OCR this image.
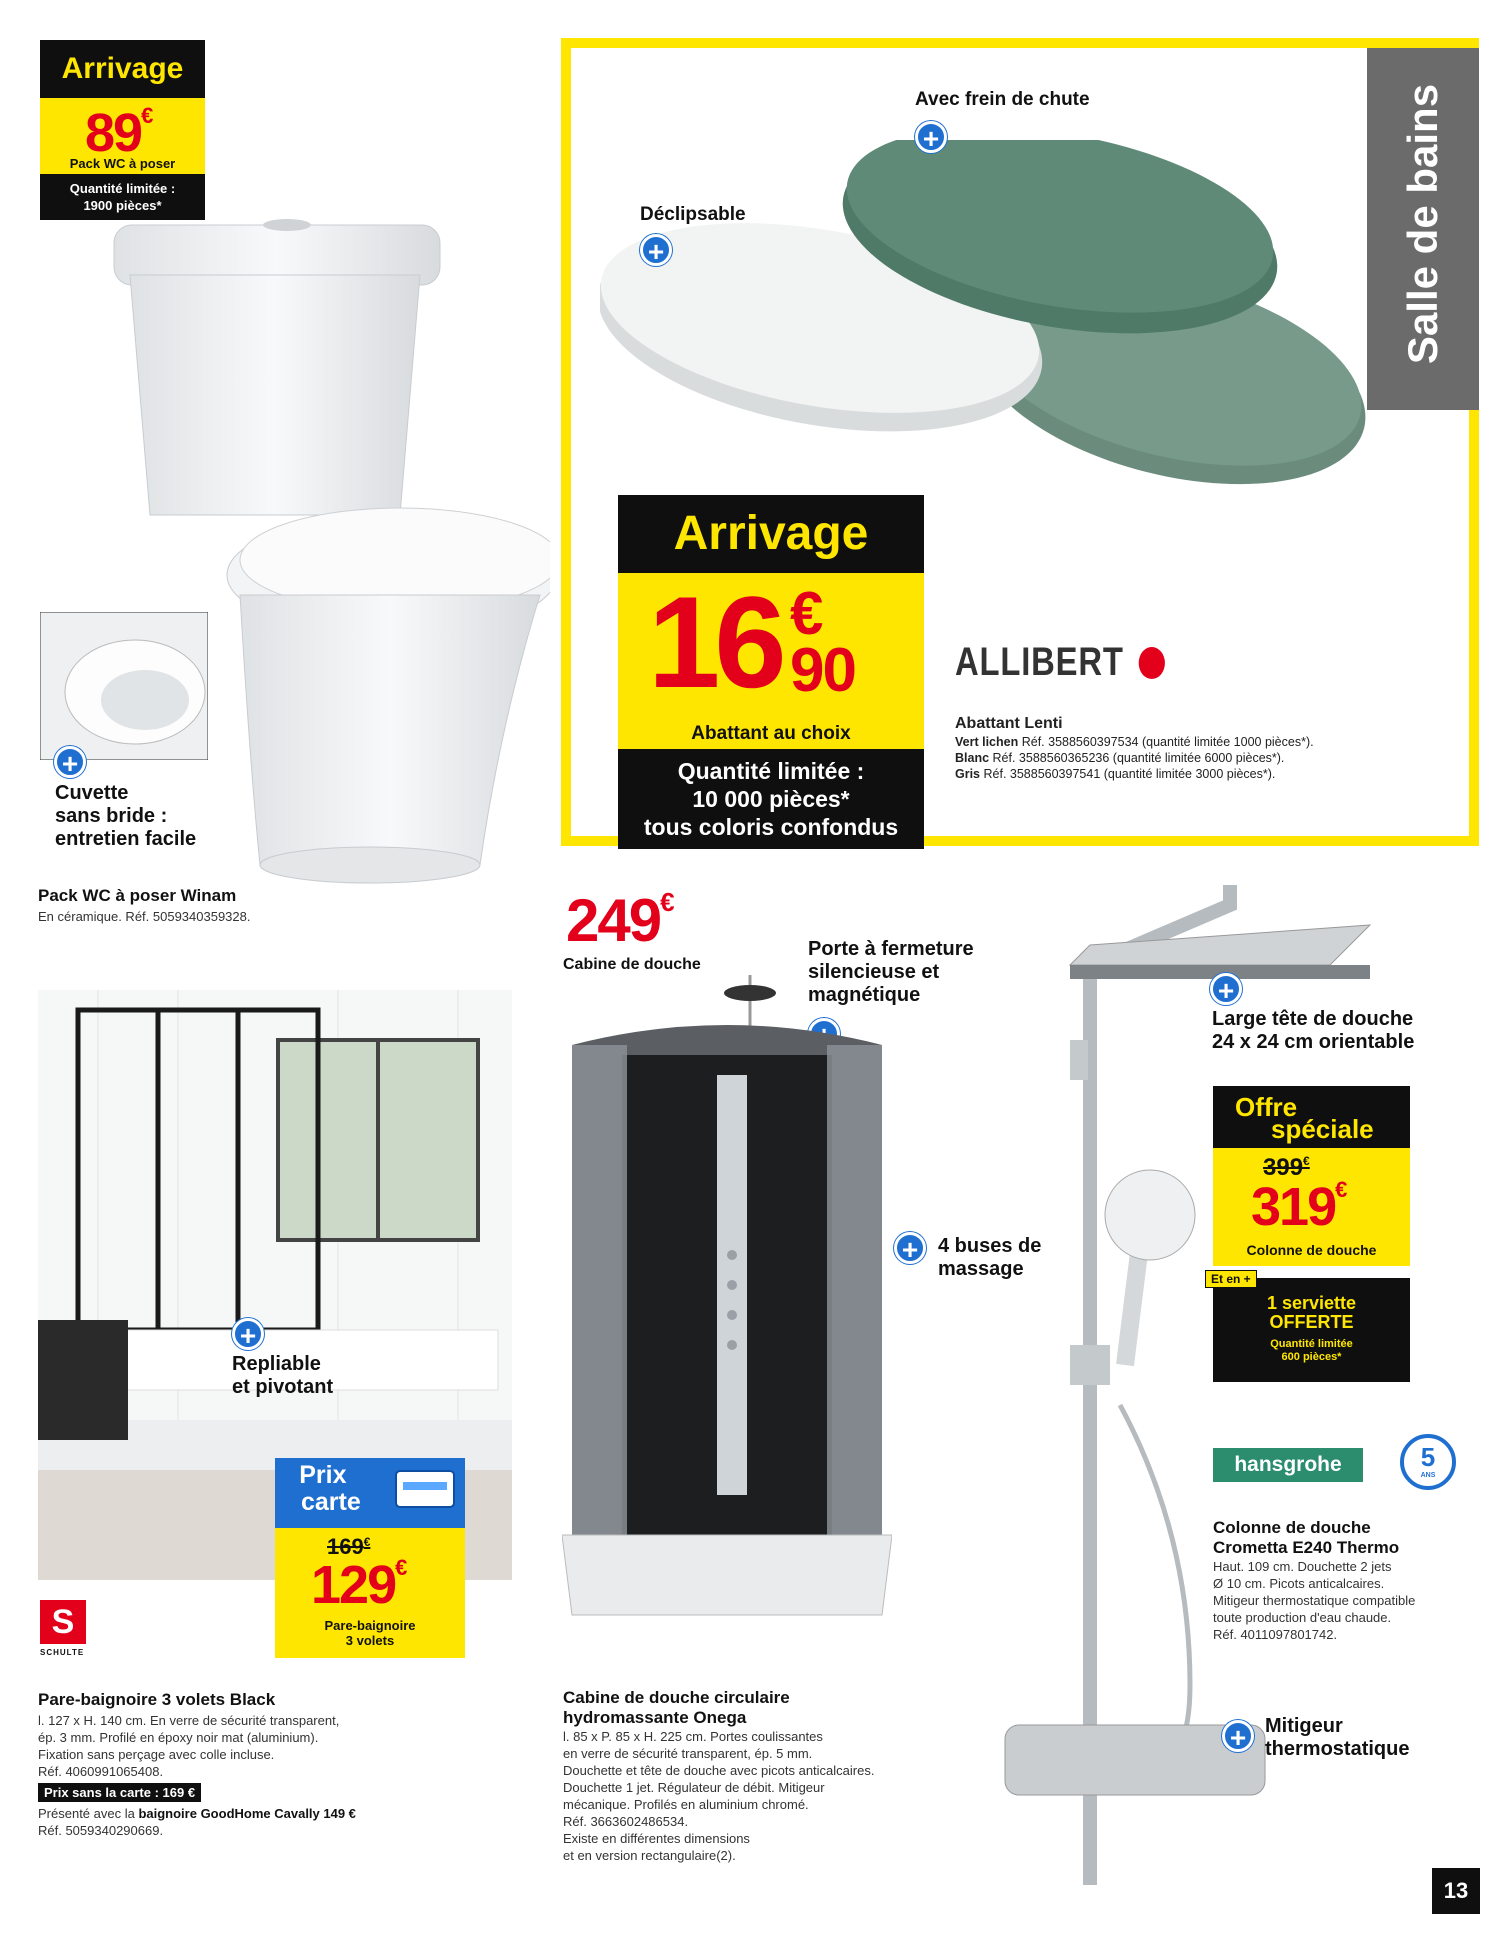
Salle de bains
Arrivage
89€
Pack WC à poser
Quantité limitée :
1900 pièces*
+
Cuvette
sans bride :
entretien facile
Pack WC à poser Winam
En céramique. Réf. 5059340359328.
Avec frein de chute
+
Déclipsable
+
Arrivage
16 €
90
Abattant au choix
Quantité limitée :
10 000 pièces*
tous coloris confondus
ALLIBERT
Abattant Lenti
Vert lichen Réf. 3588560397534 (quantité limitée 1000 pièces*).
Blanc Réf. 3588560365236 (quantité limitée 6000 pièces*).
Gris Réf. 3588560397541 (quantité limitée 3000 pièces*).
+
Repliable
et pivotant
Prix
carte
169€
129€
Pare-baignoire
3 volets
S
SCHULTE
Pare-baignoire 3 volets Black
l. 127 x H. 140 cm. En verre de sécurité transparent,
ép. 3 mm. Profilé en époxy noir mat (aluminium).
Fixation sans perçage avec colle incluse.
Réf. 4060991065408.
Prix sans la carte : 169 €
Présenté avec la baignoire GoodHome Cavally 149 €
Réf. 5059340290669.
249€
Cabine de douche
Porte à fermeture
silencieuse et
magnétique
+ 4 buses de
massage
Cabine de douche circulaire
hydromassante Onega
l. 85 x P. 85 x H. 225 cm. Portes coulissantes
en verre de sécurité transparent, ép. 5 mm.
Douchette et tête de douche avec picots anticalcaires.
Douchette 1 jet. Régulateur de débit. Mitigeur
mécanique. Profilés en aluminium chromé.
Réf. 3663602486534.
Existe en différentes dimensions
et en version rectangulaire(2).
+
Large tête de douche
24 x 24 cm orientable
Offre
spéciale
399€
319€
Colonne de douche
1 serviette
OFFERTE
Quantité limitée
600 pièces*
Et en +
hansgrohe	5
ANS
Colonne de douche
Crometta E240 Thermo
Haut. 109 cm. Douchette 2 jets
Ø 10 cm. Picots anticalcaires.
Mitigeur thermostatique compatible
toute production d'eau chaude.
Réf. 4011097801742.
+ Mitigeur
thermostatique
13
